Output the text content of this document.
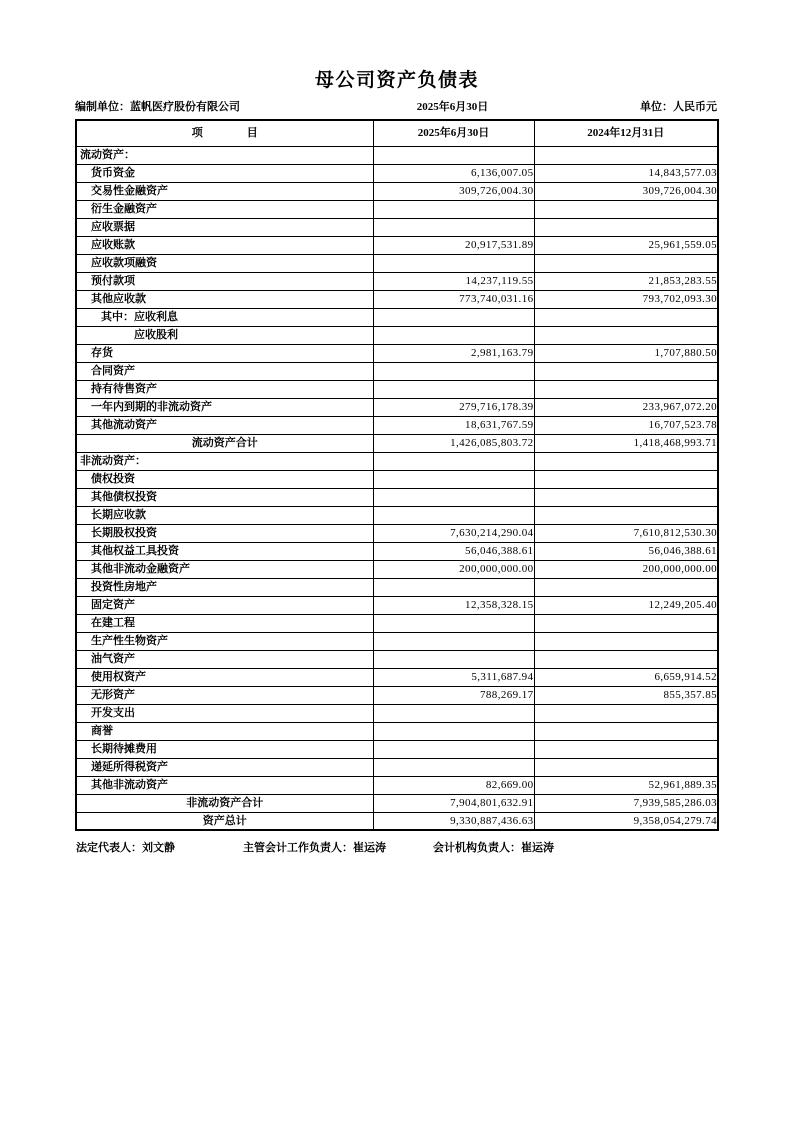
母公司资产负债表
编制单位：蓝帆医疗股份有限公司	2025年6月30日	单位：人民币元
项　　　　目	2025年6月30日	2024年12月31日
流动资产：		
货币资金	6,136,007.05	14,843,577.03
交易性金融资产	309,726,004.30	309,726,004.30
衍生金融资产		
应收票据		
应收账款	20,917,531.89	25,961,559.05
应收款项融资		
预付款项	14,237,119.55	21,853,283.55
其他应收款	773,740,031.16	793,702,093.30
其中：应收利息		
应收股利		
存货	2,981,163.79	1,707,880.50
合同资产		
持有待售资产		
一年内到期的非流动资产	279,716,178.39	233,967,072.20
其他流动资产	18,631,767.59	16,707,523.78
流动资产合计	1,426,085,803.72	1,418,468,993.71
非流动资产：		
债权投资		
其他债权投资		
长期应收款		
长期股权投资	7,630,214,290.04	7,610,812,530.30
其他权益工具投资	56,046,388.61	56,046,388.61
其他非流动金融资产	200,000,000.00	200,000,000.00
投资性房地产		
固定资产	12,358,328.15	12,249,205.40
在建工程		
生产性生物资产		
油气资产		
使用权资产	5,311,687.94	6,659,914.52
无形资产	788,269.17	855,357.85
开发支出		
商誉		
长期待摊费用		
递延所得税资产		
其他非流动资产	82,669.00	52,961,889.35
非流动资产合计	7,904,801,632.91	7,939,585,286.03
资产总计	9,330,887,436.63	9,358,054,279.74
法定代表人：刘文静	主管会计工作负责人：崔运涛	会计机构负责人：崔运涛
